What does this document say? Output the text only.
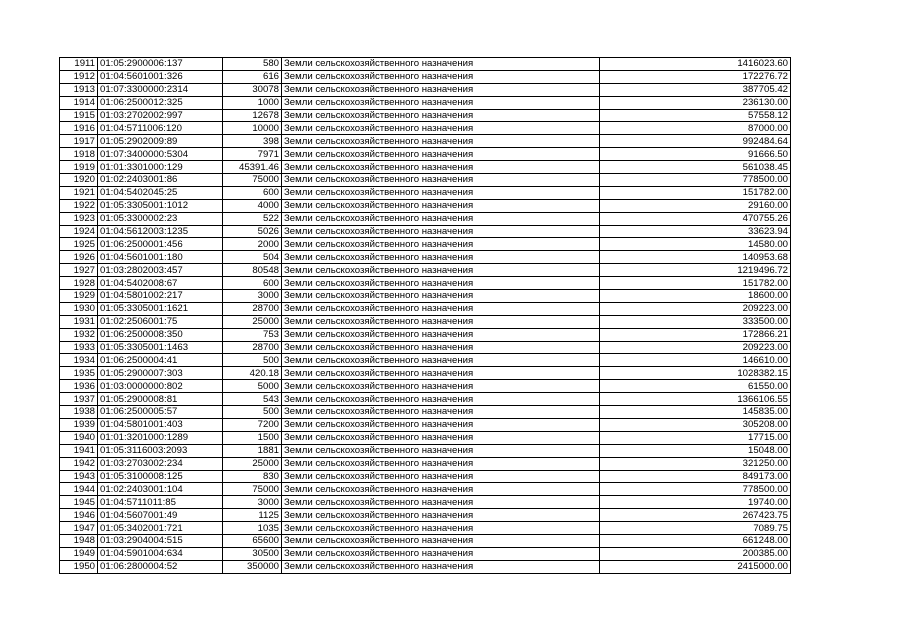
1911	01:05:2900006:137	580	Земли сельскохозяйственного назначения	1416023.60
1912	01:04:5601001:326	616	Земли сельскохозяйственного назначения	172276.72
1913	01:07:3300000:2314	30078	Земли сельскохозяйственного назначения	387705.42
1914	01:06:2500012:325	1000	Земли сельскохозяйственного назначения	236130.00
1915	01:03:2702002:997	12678	Земли сельскохозяйственного назначения	57558.12
1916	01:04:5711006:120	10000	Земли сельскохозяйственного назначения	87000.00
1917	01:05:2902009:89	398	Земли сельскохозяйственного назначения	992484.64
1918	01:07:3400000:5304	7971	Земли сельскохозяйственного назначения	91666.50
1919	01:01:3301000:129	45391.46	Земли сельскохозяйственного назначения	561038.45
1920	01:02:2403001:86	75000	Земли сельскохозяйственного назначения	778500.00
1921	01:04:5402045:25	600	Земли сельскохозяйственного назначения	151782.00
1922	01:05:3305001:1012	4000	Земли сельскохозяйственного назначения	29160.00
1923	01:05:3300002:23	522	Земли сельскохозяйственного назначения	470755.26
1924	01:04:5612003:1235	5026	Земли сельскохозяйственного назначения	33623.94
1925	01:06:2500001:456	2000	Земли сельскохозяйственного назначения	14580.00
1926	01:04:5601001:180	504	Земли сельскохозяйственного назначения	140953.68
1927	01:03:2802003:457	80548	Земли сельскохозяйственного назначения	1219496.72
1928	01:04:5402008:67	600	Земли сельскохозяйственного назначения	151782.00
1929	01:04:5801002:217	3000	Земли сельскохозяйственного назначения	18600.00
1930	01:05:3305001:1621	28700	Земли сельскохозяйственного назначения	209223.00
1931	01:02:2506001:75	25000	Земли сельскохозяйственного назначения	333500.00
1932	01:06:2500008:350	753	Земли сельскохозяйственного назначения	172866.21
1933	01:05:3305001:1463	28700	Земли сельскохозяйственного назначения	209223.00
1934	01:06:2500004:41	500	Земли сельскохозяйственного назначения	146610.00
1935	01:05:2900007:303	420.18	Земли сельскохозяйственного назначения	1028382.15
1936	01:03:0000000:802	5000	Земли сельскохозяйственного назначения	61550.00
1937	01:05:2900008:81	543	Земли сельскохозяйственного назначения	1366106.55
1938	01:06:2500005:57	500	Земли сельскохозяйственного назначения	145835.00
1939	01:04:5801001:403	7200	Земли сельскохозяйственного назначения	305208.00
1940	01:01:3201000:1289	1500	Земли сельскохозяйственного назначения	17715.00
1941	01:05:3116003:2093	1881	Земли сельскохозяйственного назначения	15048.00
1942	01:03:2703002:234	25000	Земли сельскохозяйственного назначения	321250.00
1943	01:05:3100008:125	830	Земли сельскохозяйственного назначения	849173.00
1944	01:02:2403001:104	75000	Земли сельскохозяйственного назначения	778500.00
1945	01:04:5711011:85	3000	Земли сельскохозяйственного назначения	19740.00
1946	01:04:5607001:49	1125	Земли сельскохозяйственного назначения	267423.75
1947	01:05:3402001:721	1035	Земли сельскохозяйственного назначения	7089.75
1948	01:03:2904004:515	65600	Земли сельскохозяйственного назначения	661248.00
1949	01:04:5901004:634	30500	Земли сельскохозяйственного назначения	200385.00
1950	01:06:2800004:52	350000	Земли сельскохозяйственного назначения	2415000.00
